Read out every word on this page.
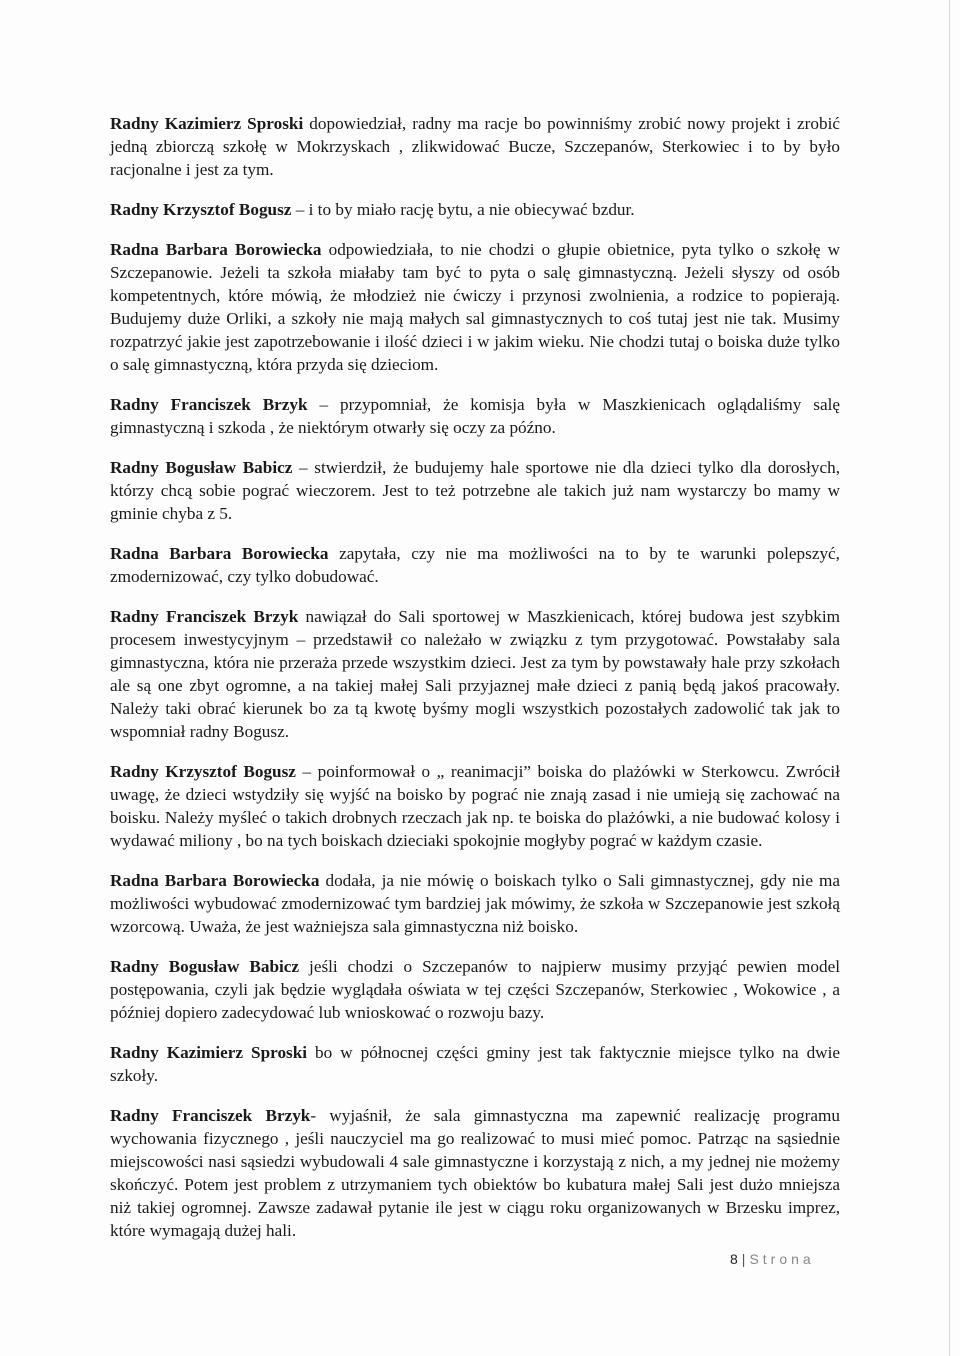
Radny Kazimierz Sproski dopowiedział, radny ma racje bo powinniśmy zrobić nowy projekt i zrobić jedną zbiorczą szkołę w Mokrzyskach , zlikwidować Bucze, Szczepanów, Sterkowiec i to by było racjonalne i jest za tym.

Radny Krzysztof Bogusz – i to by miało rację bytu, a nie obiecywać bzdur.

Radna Barbara Borowiecka odpowiedziała, to nie chodzi o głupie obietnice, pyta tylko o szkołę w Szczepanowie. Jeżeli ta szkoła miałaby tam być to pyta o salę gimnastyczną. Jeżeli słyszy od osób kompetentnych, które mówią, że młodzież nie ćwiczy i przynosi zwolnienia, a rodzice to popierają. Budujemy duże Orliki, a szkoły nie mają małych sal gimnastycznych to coś tutaj jest nie tak. Musimy rozpatrzyć jakie jest zapotrzebowanie i ilość dzieci i w jakim wieku. Nie chodzi tutaj o boiska duże tylko o salę gimnastyczną, która przyda się dzieciom.

Radny Franciszek Brzyk – przypomniał, że komisja była w Maszkienicach oglądaliśmy salę gimnastyczną i szkoda , że niektórym otwarły się oczy za późno.

Radny Bogusław Babicz – stwierdził, że budujemy hale sportowe nie dla dzieci tylko dla dorosłych, którzy chcą sobie pograć wieczorem. Jest to też potrzebne ale takich już nam wystarczy bo mamy w gminie chyba z 5.

Radna Barbara Borowiecka zapytała, czy nie ma możliwości na to by te warunki polepszyć, zmodernizować, czy tylko dobudować.

Radny Franciszek Brzyk nawiązał do Sali sportowej w Maszkienicach, której budowa jest szybkim procesem inwestycyjnym – przedstawił co należało w związku z tym przygotować. Powstałaby sala gimnastyczna, która nie przeraża przede wszystkim dzieci. Jest za tym by powstawały hale przy szkołach ale są one zbyt ogromne, a na takiej małej Sali przyjaznej małe dzieci z panią będą jakoś pracowały. Należy taki obrać kierunek bo za tą kwotę byśmy mogli wszystkich pozostałych zadowolić tak jak to wspomniał radny Bogusz.

Radny Krzysztof Bogusz – poinformował o „ reanimacji” boiska do plażówki w Sterkowcu. Zwrócił uwagę, że dzieci wstydziły się wyjść na boisko by pograć nie znają zasad i nie umieją się zachować na boisku. Należy myśleć o takich drobnych rzeczach jak np. te boiska do plażówki, a nie budować kolosy i wydawać miliony , bo na tych boiskach dzieciaki spokojnie mogłyby pograć w każdym czasie.

Radna Barbara Borowiecka dodała, ja nie mówię o boiskach tylko o Sali gimnastycznej, gdy nie ma możliwości wybudować zmodernizować tym bardziej jak mówimy, że szkoła w Szczepanowie jest szkołą wzorcową. Uważa, że jest ważniejsza sala gimnastyczna niż boisko.

Radny Bogusław Babicz jeśli chodzi o Szczepanów to najpierw musimy przyjąć pewien model postępowania, czyli jak będzie wyglądała oświata w tej części Szczepanów, Sterkowiec , Wokowice , a później dopiero zadecydować lub wnioskować o rozwoju bazy.

Radny Kazimierz Sproski bo w północnej części gminy jest tak faktycznie miejsce tylko na dwie szkoły.

Radny Franciszek Brzyk- wyjaśnił, że sala gimnastyczna ma zapewnić realizację programu wychowania fizycznego , jeśli nauczyciel ma go realizować to musi mieć pomoc. Patrząc na sąsiednie miejscowości nasi sąsiedzi wybudowali 4 sale gimnastyczne i korzystają z nich, a my jednej nie możemy skończyć. Potem jest problem z utrzymaniem tych obiektów bo kubatura małej Sali jest dużo mniejsza niż takiej ogromnej. Zawsze zadawał pytanie ile jest w ciągu roku organizowanych w Brzesku imprez, które wymagają dużej hali.

8 | Strona
